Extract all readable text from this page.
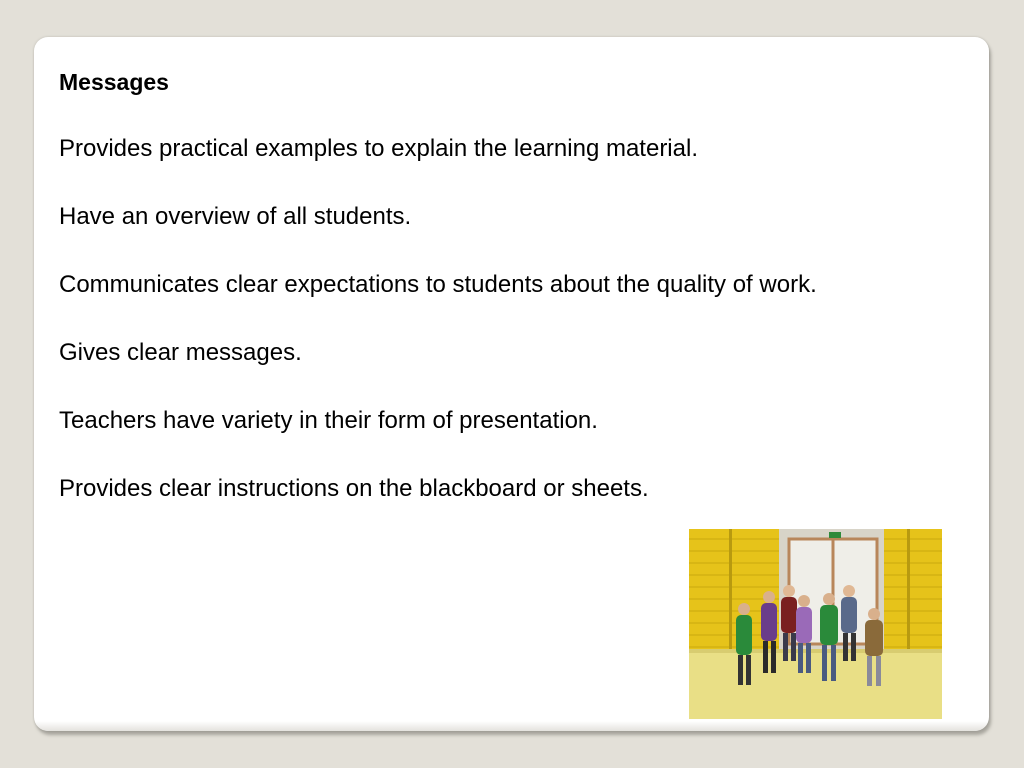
Messages
Provides practical examples to explain the learning material.
Have an overview of all students.
Communicates clear expectations to students about the quality of work.
Gives clear messages.
Teachers have variety in their form of presentation.
Provides clear instructions on the blackboard or sheets.
